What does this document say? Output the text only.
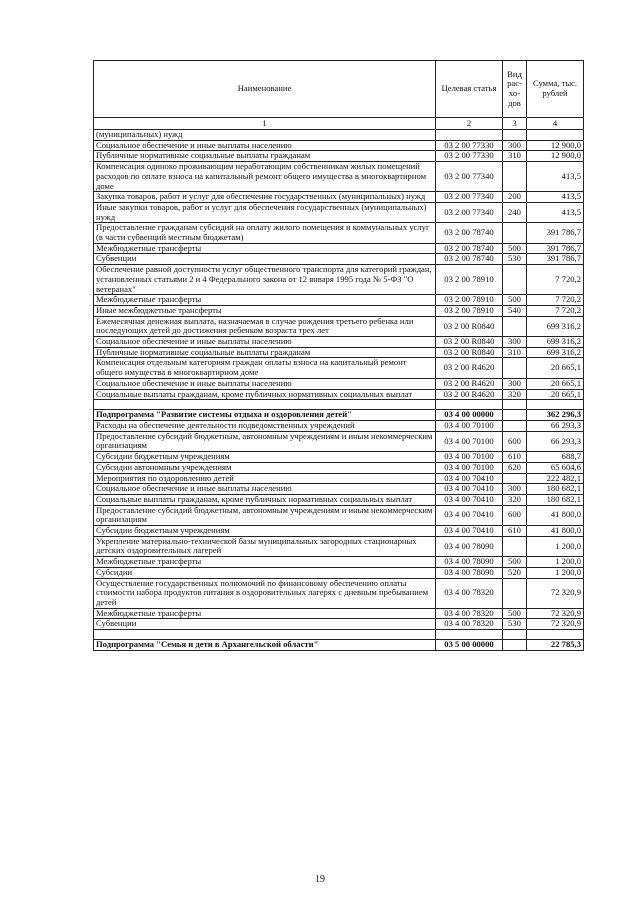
Наименование	Целевая статья	Вид рас-хо-дов	Сумма, тыс. рублей
1	2	3	4
(муниципальных) нужд			
Социальное обеспечение и иные выплаты населению	03 2 00 77330	300	12 900,0
Публичные нормативные социальные выплаты гражданам	03 2 00 77330	310	12 900,0
Компенсация одиноко проживающим неработающим собственникам жилых помещений расходов по оплате взноса на капитальный ремонт общего имущества в многоквартирном доме	03 2 00 77340		413,5
Закупка товаров, работ и услуг для обеспечения государственных (муниципальных) нужд	03 2 00 77340	200	413,5
Иные закупки товаров, работ и услуг для обеспечения государственных (муниципальных) нужд	03 2 00 77340	240	413,5
Предоставление гражданам субсидий на оплату жилого помещения и коммунальных услуг (в части субвенций местным бюджетам)	03 2 00 78740		391 786,7
Межбюджетные трансферты	03 2 00 78740	500	391 786,7
Субвенции	03 2 00 78740	530	391 786,7
Обеспечение равной доступности услуг общественного транспорта для категорий граждан, установленных статьями 2 и 4 Федерального закона от 12 января 1995 года № 5-ФЗ "О ветеранах"	03 2 00 78910		7 720,2
Межбюджетные трансферты	03 2 00 78910	500	7 720,2
Иные межбюджетные трансферты	03 2 00 78910	540	7 720,2
Ежемесячная денежная выплата, назначаемая в случае рождения третьего ребенка или последующих детей до достижения ребенком возраста трех лет	03 2 00 R0840		699 316,2
Социальное обеспечение и иные выплаты населению	03 2 00 R0840	300	699 316,2
Публичные нормативные социальные выплаты гражданам	03 2 00 R0840	310	699 316,2
Компенсация отдельным категориям граждан оплаты взноса на капитальный ремонт общего имущества в многоквартирном доме	03 2 00 R4620		20 665,1
Социальное обеспечение и иные выплаты населению	03 2 00 R4620	300	20 665,1
Социальные выплаты гражданам, кроме публичных нормативных социальных выплат	03 2 00 R4620	320	20 665,1

Подпрограмма "Развитие системы отдыха и оздоровления детей"	03 4 00 00000		362 296,3
Расходы на обеспечение деятельности подведомственных учреждений	03 4 00 70100		66 293,3
Предоставление субсидий бюджетным, автономным учреждениям и иным некоммерческим организациям	03 4 00 70100	600	66 293,3
Субсидии бюджетным учреждениям	03 4 00 70100	610	688,7
Субсидии автономным учреждениям	03 4 00 70100	620	65 604,6
Мероприятия по оздоровлению детей	03 4 00 70410		222 482,1
Социальное обеспечение и иные выплаты населению	03 4 00 70410	300	180 682,1
Социальные выплаты гражданам, кроме публичных нормативных социальных выплат	03 4 00 70410	320	180 682,1
Предоставление субсидий бюджетным, автономным учреждениям и иным некоммерческим организациям	03 4 00 70410	600	41 800,0
Субсидии бюджетным учреждениям	03 4 00 70410	610	41 800,0
Укрепление материально-технической базы муниципальных загородных стационарных детских оздоровительных лагерей	03 4 00 78090		1 200,0
Межбюджетные трансферты	03 4 00 78090	500	1 200,0
Субсидии	03 4 00 78090	520	1 200,0
Осуществление государственных полномочий по финансовому обеспечению оплаты стоимости набора продуктов питания в оздоровительных лагерях с дневным пребыванием детей	03 4 00 78320		72 320,9
Межбюджетные трансферты	03 4 00 78320	500	72 320,9
Субвенции	03 4 00 78320	530	72 320,9

Подпрограмма "Семья и дети в Архангельской области"	03 5 00 00000		22 785,3
19
